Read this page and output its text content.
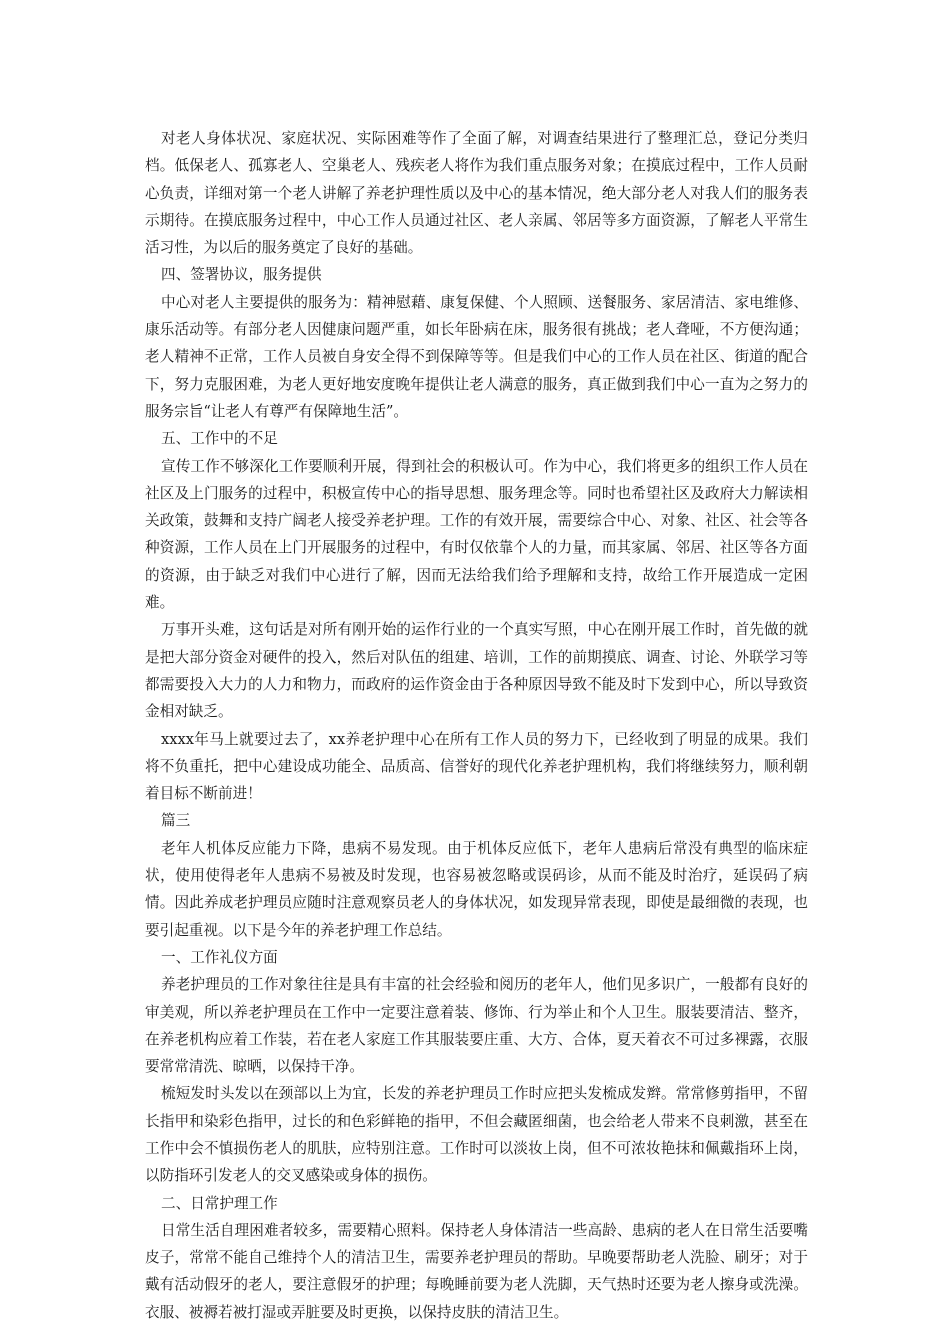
对老人身体状况、家庭状况、实际困难等作了全面了解，对调查结果进行了整理汇总，登记分类归档。低保老人、孤寡老人、空巢老人、残疾老人将作为我们重点服务对象；在摸底过程中，工作人员耐心负责，详细对第一个老人讲解了养老护理性质以及中心的基本情况，绝大部分老人对我人们的服务表示期待。在摸底服务过程中，中心工作人员通过社区、老人亲属、邻居等多方面资源，了解老人平常生活习性，为以后的服务奠定了良好的基础。

四、签署协议，服务提供

中心对老人主要提供的服务为：精神慰藉、康复保健、个人照顾、送餐服务、家居清洁、家电维修、康乐活动等。有部分老人因健康问题严重，如长年卧病在床，服务很有挑战；老人聋哑，不方便沟通；老人精神不正常，工作人员被自身安全得不到保障等等。但是我们中心的工作人员在社区、街道的配合下，努力克服困难，为老人更好地安度晚年提供让老人满意的服务，真正做到我们中心一直为之努力的服务宗旨“让老人有尊严有保障地生活”。

五、工作中的不足

宣传工作不够深化工作要顺利开展，得到社会的积极认可。作为中心，我们将更多的组织工作人员在社区及上门服务的过程中，积极宣传中心的指导思想、服务理念等。同时也希望社区及政府大力解读相关政策，鼓舞和支持广阔老人接受养老护理。工作的有效开展，需要综合中心、对象、社区、社会等各种资源，工作人员在上门开展服务的过程中，有时仅依靠个人的力量，而其家属、邻居、社区等各方面的资源，由于缺乏对我们中心进行了解，因而无法给我们给予理解和支持，故给工作开展造成一定困难。

万事开头难，这句话是对所有刚开始的运作行业的一个真实写照，中心在刚开展工作时，首先做的就是把大部分资金对硬件的投入，然后对队伍的组建、培训，工作的前期摸底、调查、讨论、外联学习等都需要投入大力的人力和物力，而政府的运作资金由于各种原因导致不能及时下发到中心，所以导致资金相对缺乏。

xxxx年马上就要过去了，xx养老护理中心在所有工作人员的努力下，已经收到了明显的成果。我们将不负重托，把中心建设成功能全、品质高、信誉好的现代化养老护理机构，我们将继续努力，顺利朝着目标不断前进！

篇三

老年人机体反应能力下降，患病不易发现。由于机体反应低下，老年人患病后常没有典型的临床症状，使用使得老年人患病不易被及时发现，也容易被忽略或误码诊，从而不能及时治疗，延误码了病情。因此养成老护理员应随时注意观察员老人的身体状况，如发现异常表现，即使是最细微的表现，也要引起重视。以下是今年的养老护理工作总结。

一、工作礼仪方面

养老护理员的工作对象往往是具有丰富的社会经验和阅历的老年人，他们见多识广，一般都有良好的审美观，所以养老护理员在工作中一定要注意着装、修饰、行为举止和个人卫生。服装要清洁、整齐，在养老机构应着工作装，若在老人家庭工作其服装要庄重、大方、合体，夏天着衣不可过多裸露，衣服要常常清洗、晾晒，以保持干净。

梳短发时头发以在颈部以上为宜，长发的养老护理员工作时应把头发梳成发辫。常常修剪指甲，不留长指甲和染彩色指甲，过长的和色彩鲜艳的指甲，不但会藏匿细菌，也会给老人带来不良刺激，甚至在工作中会不慎损伤老人的肌肤，应特别注意。工作时可以淡妆上岗，但不可浓妆艳抹和佩戴指环上岗，以防指环引发老人的交叉感染或身体的损伤。

二、日常护理工作

日常生活自理困难者较多，需要精心照料。保持老人身体清洁一些高龄、患病的老人在日常生活要嘴皮子，常常不能自己维持个人的清洁卫生，需要养老护理员的帮助。早晚要帮助老人洗脸、刷牙；对于戴有活动假牙的老人，要注意假牙的护理；每晚睡前要为老人洗脚，天气热时还要为老人擦身或洗澡。衣服、被褥若被打湿或弄脏要及时更换，以保持皮肤的清洁卫生。
